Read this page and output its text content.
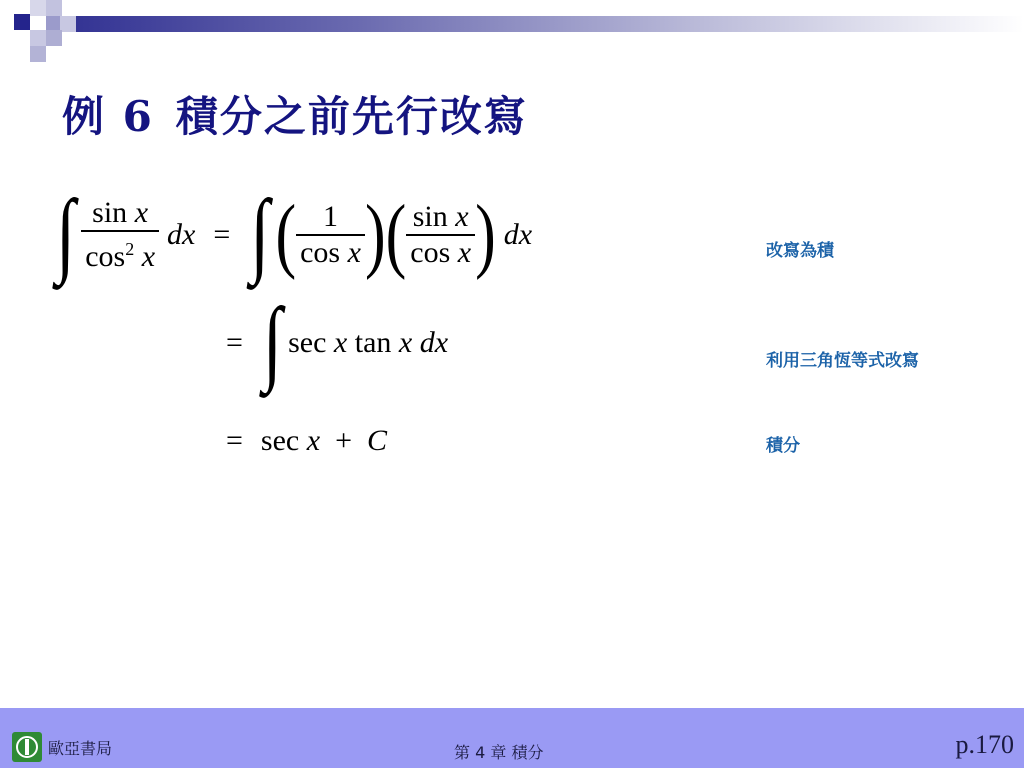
例 6 積分之前先行改寫
∫ $\frac{\text{sin x}}{\cos^2 x}$ dx = ∫ ( $\frac{1}{\text{cos x}}$ )( $\frac{\text{sin x}}{\text{cos x}}$ ) dx	改寫為積
= ∫ sec x tan x dx
利用三角恆等式改寫
= sec x  +  C	積分
歐亞書局	第 4 章 積分	p.170
